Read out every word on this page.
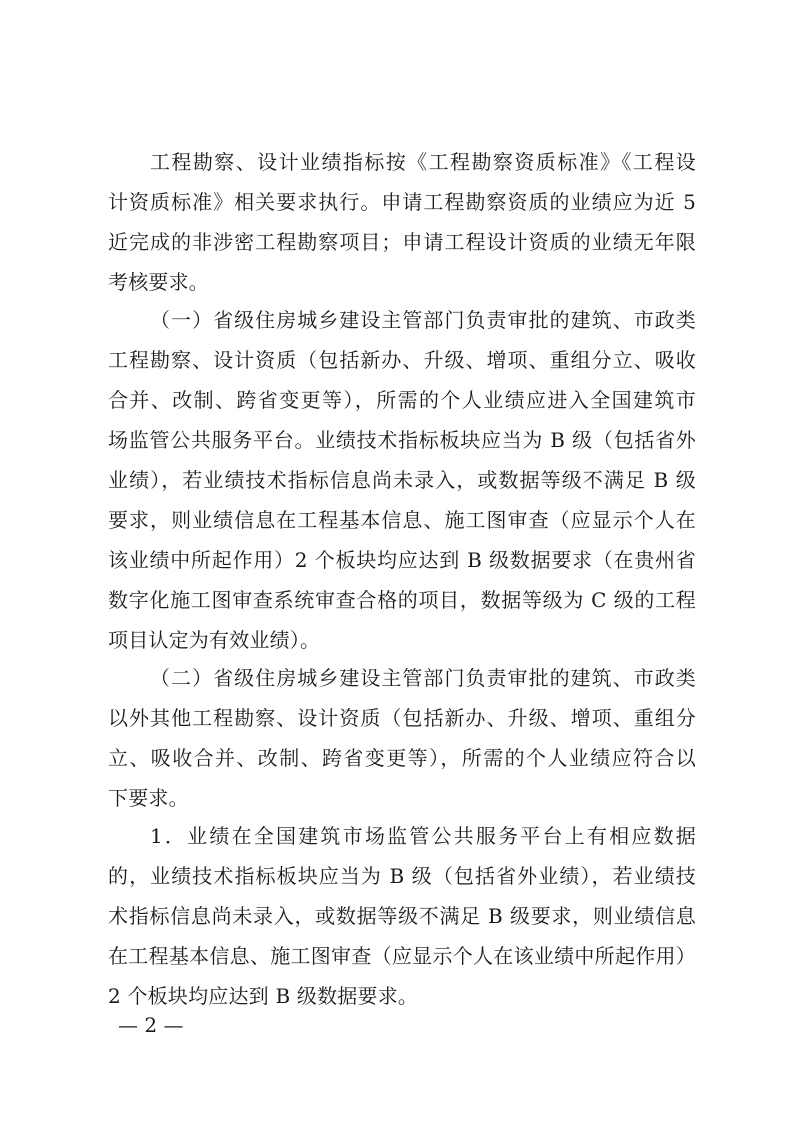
工程勘察、设计业绩指标按《工程勘察资质标准》《工程设
计资质标准》相关要求执行。申请工程勘察资质的业绩应为近 5
近完成的非涉密工程勘察项目；申请工程设计资质的业绩无年限
考核要求。
（一）省级住房城乡建设主管部门负责审批的建筑、市政类
工程勘察、设计资质（包括新办、升级、增项、重组分立、吸收
合并、改制、跨省变更等），所需的个人业绩应进入全国建筑市
场监管公共服务平台。业绩技术指标板块应当为 B 级（包括省外
业绩），若业绩技术指标信息尚未录入，或数据等级不满足 B 级
要求，则业绩信息在工程基本信息、施工图审查（应显示个人在
该业绩中所起作用）2 个板块均应达到 B 级数据要求（在贵州省
数字化施工图审查系统审查合格的项目，数据等级为 C 级的工程
项目认定为有效业绩）。
（二）省级住房城乡建设主管部门负责审批的建筑、市政类
以外其他工程勘察、设计资质（包括新办、升级、增项、重组分
立、吸收合并、改制、跨省变更等），所需的个人业绩应符合以
下要求。
1．业绩在全国建筑市场监管公共服务平台上有相应数据
的，业绩技术指标板块应当为 B 级（包括省外业绩），若业绩技
术指标信息尚未录入，或数据等级不满足 B 级要求，则业绩信息
在工程基本信息、施工图审查（应显示个人在该业绩中所起作用）
2 个板块均应达到 B 级数据要求。
— 2 —
